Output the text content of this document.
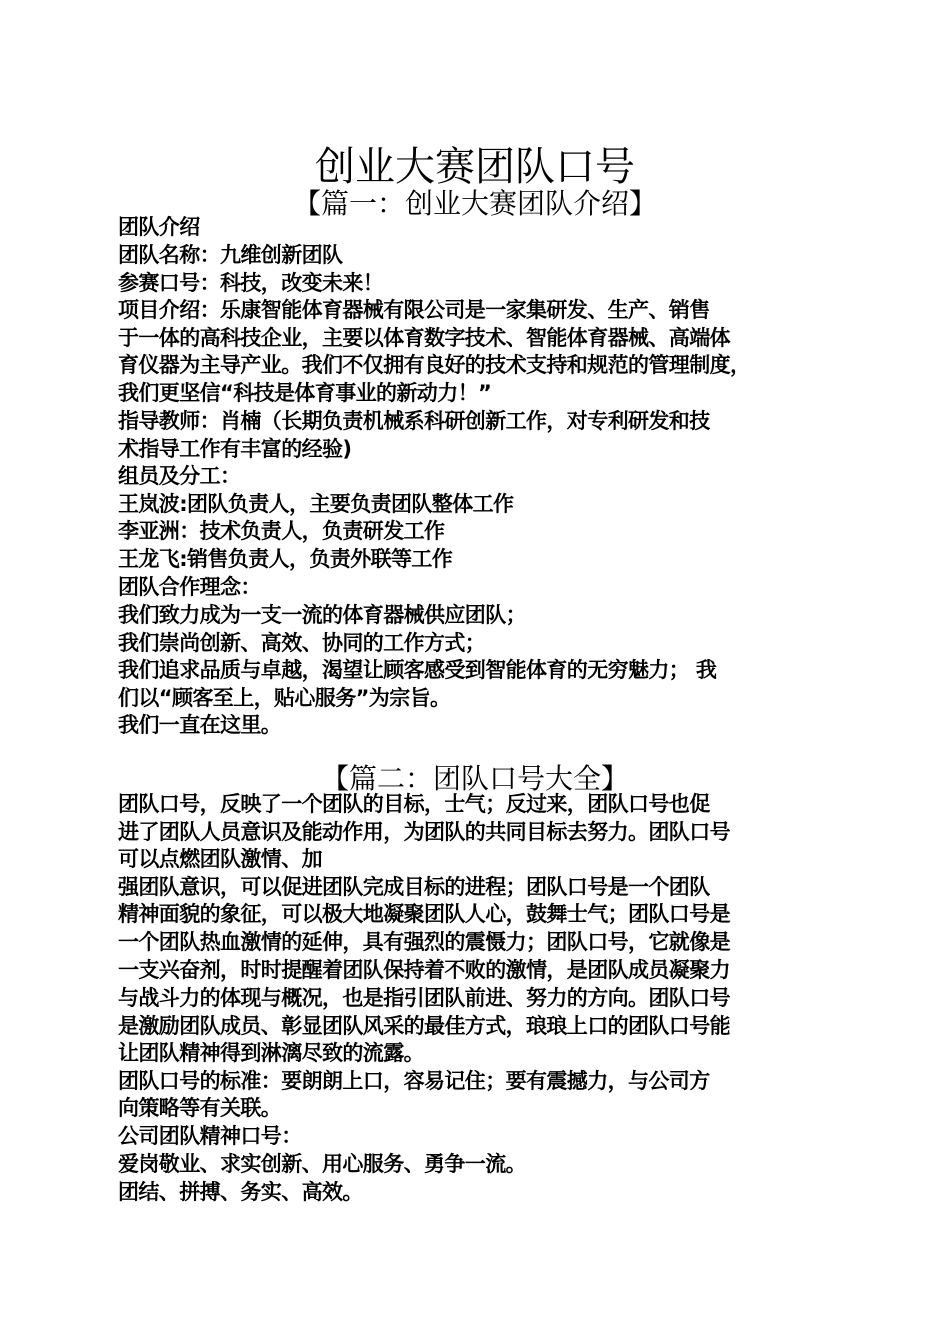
创业大赛团队口号
【篇一：创业大赛团队介绍】
团队介绍
团队名称：九维创新团队
参赛口号：科技，改变未来！
项目介绍：乐康智能体育器械有限公司是一家集研发、生产、销售
于一体的高科技企业，主要以体育数字技术、智能体育器械、高端体
育仪器为主导产业。我们不仅拥有良好的技术支持和规范的管理制度，
我们更坚信“科技是体育事业的新动力！”
指导教师：肖楠（长期负责机械系科研创新工作，对专利研发和技
术指导工作有丰富的经验)
组员及分工：
王岚波:团队负责人，主要负责团队整体工作
李亚洲：技术负责人，负责研发工作
王龙飞:销售负责人，负责外联等工作
团队合作理念：
我们致力成为一支一流的体育器械供应团队；
我们崇尚创新、高效、协同的工作方式；
我们追求品质与卓越，渴望让顾客感受到智能体育的无穷魅力； 我
们以“顾客至上，贴心服务”为宗旨。
我们一直在这里。
【篇二：团队口号大全】
团队口号，反映了一个团队的目标，士气；反过来，团队口号也促
进了团队人员意识及能动作用，为团队的共同目标去努力。团队口号
可以点燃团队激情、加
强团队意识，可以促进团队完成目标的进程；团队口号是一个团队
精神面貌的象征，可以极大地凝聚团队人心，鼓舞士气；团队口号是
一个团队热血激情的延伸，具有强烈的震慑力；团队口号，它就像是
一支兴奋剂，时时提醒着团队保持着不败的激情，是团队成员凝聚力
与战斗力的体现与概况，也是指引团队前进、努力的方向。团队口号
是激励团队成员、彰显团队风采的最佳方式，琅琅上口的团队口号能
让团队精神得到淋漓尽致的流露。
团队口号的标准：要朗朗上口，容易记住；要有震撼力，与公司方
向策略等有关联。
公司团队精神口号：
爱岗敬业、求实创新、用心服务、勇争一流。
团结、拼搏、务实、高效。
